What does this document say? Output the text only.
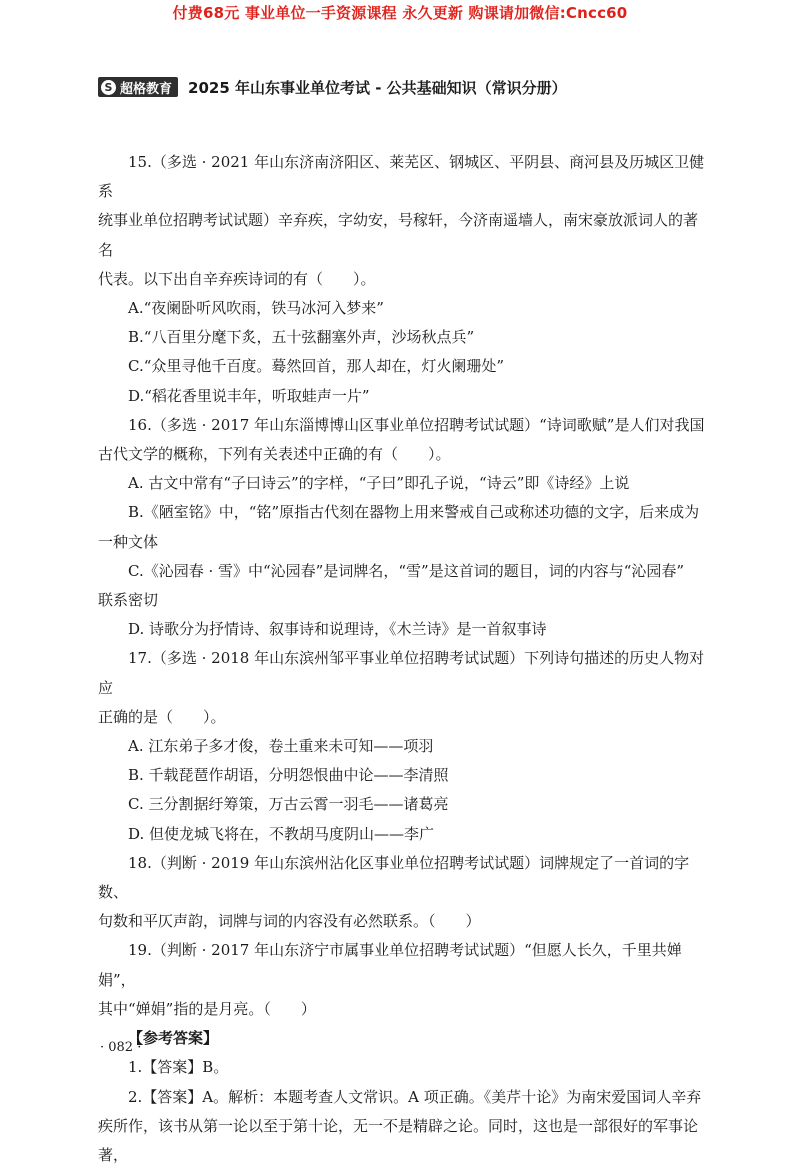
付费68元 事业单位一手资源课程 永久更新 购课请加微信:Cncc60
S 超格教育 2025 年山东事业单位考试 - 公共基础知识（常识分册）

15.（多选 · 2021 年山东济南济阳区、莱芜区、钢城区、平阴县、商河县及历城区卫健系

统事业单位招聘考试试题）辛弃疾，字幼安，号稼轩，今济南遥墙人，南宋豪放派词人的著名

代表。以下出自辛弃疾诗词的有（　　）。

A.“夜阑卧听风吹雨，铁马冰河入梦来”

B.“八百里分麾下炙，五十弦翻塞外声，沙场秋点兵”

C.“众里寻他千百度。蓦然回首，那人却在，灯火阑珊处”

D.“稻花香里说丰年，听取蛙声一片”

16.（多选 · 2017 年山东淄博博山区事业单位招聘考试试题）“诗词歌赋”是人们对我国

古代文学的概称，下列有关表述中正确的有（　　）。

A. 古文中常有“子曰诗云”的字样，“子曰”即孔子说，“诗云”即《诗经》上说

B.《陋室铭》中，“铭”原指古代刻在器物上用来警戒自己或称述功德的文字，后来成为

一种文体

C.《沁园春 · 雪》中“沁园春”是词牌名，“雪”是这首词的题目，词的内容与“沁园春”

联系密切

D. 诗歌分为抒情诗、叙事诗和说理诗，《木兰诗》是一首叙事诗

17.（多选 · 2018 年山东滨州邹平事业单位招聘考试试题）下列诗句描述的历史人物对应

正确的是（　　）。

A. 江东弟子多才俊，卷土重来未可知——项羽

B. 千载琵琶作胡语，分明怨恨曲中论——李清照

C. 三分割据纡筹策，万古云霄一羽毛——诸葛亮

D. 但使龙城飞将在，不教胡马度阴山——李广

18.（判断 · 2019 年山东滨州沾化区事业单位招聘考试试题）词牌规定了一首词的字数、

句数和平仄声韵，词牌与词的内容没有必然联系。（　　）

19.（判断 · 2017 年山东济宁市属事业单位招聘考试试题）“但愿人长久，千里共婵娟”，

其中“婵娟”指的是月亮。（　　）

【参考答案】

1.【答案】B。

2.【答案】A。解析：本题考查人文常识。A 项正确。《美芹十论》为南宋爱国词人辛弃

疾所作，该书从第一论以至于第十论，无一不是精辟之论。同时，这也是一部很好的军事论著，

· 082 ·
